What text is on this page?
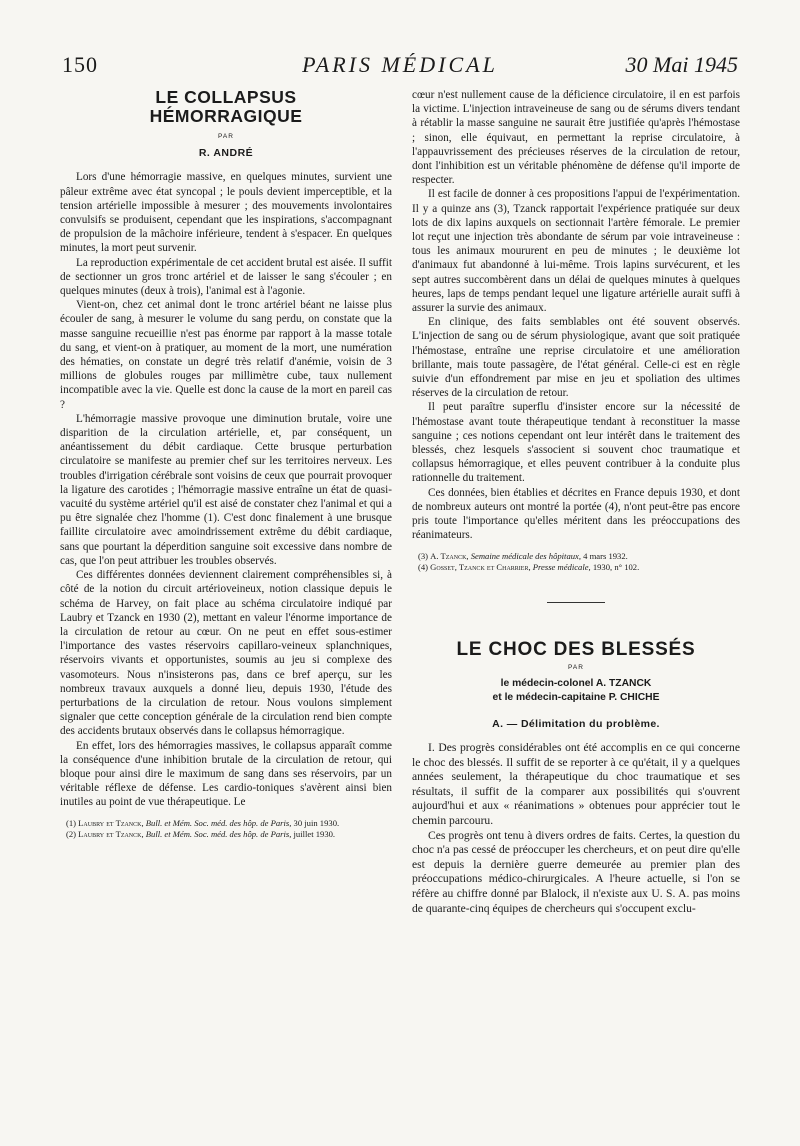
150	PARIS MÉDICAL	30 Mai 1945
LE COLLAPSUS
HÉMORRAGIQUE
PAR
R. ANDRÉ

Lors d'une hémorragie massive, en quelques minutes, survient une pâleur extrême avec état syncopal ; le pouls devient imperceptible, et la tension artérielle impossible à mesurer ; des mouvements involontaires convulsifs se produisent, cependant que les inspirations, s'accompagnant de propulsion de la mâchoire inférieure, tendent à s'espacer. En quelques minutes, la mort peut survenir.

La reproduction expérimentale de cet accident brutal est aisée. Il suffit de sectionner un gros tronc artériel et de laisser le sang s'écouler ; en quelques minutes (deux à trois), l'animal est à l'agonie.

Vient-on, chez cet animal dont le tronc artériel béant ne laisse plus écouler de sang, à mesurer le volume du sang perdu, on constate que la masse sanguine recueillie n'est pas énorme par rapport à la masse totale du sang, et vient-on à pratiquer, au moment de la mort, une numération des hématies, on constate un degré très relatif d'anémie, voisin de 3 millions de globules rouges par millimètre cube, taux nullement incompatible avec la vie. Quelle est donc la cause de la mort en pareil cas ?

L'hémorragie massive provoque une diminution brutale, voire une disparition de la circulation artérielle, et, par conséquent, un anéantissement du débit cardiaque. Cette brusque perturbation circulatoire se manifeste au premier chef sur les territoires nerveux. Les troubles d'irrigation cérébrale sont voisins de ceux que pourrait provoquer la ligature des carotides ; l'hémorragie massive entraîne un état de quasi-vacuité du système artériel qu'il est aisé de constater chez l'animal et qui a pu être signalée chez l'homme (1). C'est donc finalement à une brusque faillite circulatoire avec amoindrissement extrême du débit cardiaque, sans que pourtant la déperdition sanguine soit excessive dans nombre de cas, que l'on peut attribuer les troubles observés.

Ces différentes données deviennent clairement compréhensibles si, à côté de la notion du circuit artérioveineux, notion classique depuis le schéma de Harvey, on fait place au schéma circulatoire indiqué par Laubry et Tzanck en 1930 (2), mettant en valeur l'énorme importance de la circulation de retour au cœur. On ne peut en effet sous-estimer l'importance des vastes réservoirs capillaro-veineux splanchniques, réservoirs vivants et opportunistes, soumis au jeu si complexe des vasomoteurs. Nous n'insisterons pas, dans ce bref aperçu, sur les nombreux travaux auxquels a donné lieu, depuis 1930, l'étude des perturbations de la circulation de retour. Nous voulons simplement signaler que cette conception générale de la circulation rend bien compte des accidents brutaux observés dans le collapsus hémorragique.

En effet, lors des hémorragies massives, le collapsus apparaît comme la conséquence d'une inhibition brutale de la circulation de retour, qui bloque pour ainsi dire le maximum de sang dans ses réservoirs, par un véritable réflexe de défense. Les cardio-toniques s'avèrent ainsi bien inutiles au point de vue thérapeutique. Le

(1) Laubry et Tzanck, Bull. et Mém. Soc. méd. des hôp. de Paris, 30 juin 1930.
(2) Laubry et Tzanck, Bull. et Mém. Soc. méd. des hôp. de Paris, juillet 1930.

cœur n'est nullement cause de la déficience circulatoire, il en est parfois la victime. L'injection intraveineuse de sang ou de sérums divers tendant à rétablir la masse sanguine ne saurait être justifiée qu'après l'hémostase ; sinon, elle équivaut, en permettant la reprise circulatoire, à l'appauvrissement des précieuses réserves de la circulation de retour, dont l'inhibition est un véritable phénomène de défense qu'il importe de respecter.

Il est facile de donner à ces propositions l'appui de l'expérimentation. Il y a quinze ans (3), Tzanck rapportait l'expérience pratiquée sur deux lots de dix lapins auxquels on sectionnait l'artère fémorale. Le premier lot reçut une injection très abondante de sérum par voie intraveineuse : tous les animaux moururent en peu de minutes ; le deuxième lot d'animaux fut abandonné à lui-même. Trois lapins survécurent, et les sept autres succombèrent dans un délai de quelques minutes à quelques heures, laps de temps pendant lequel une ligature artérielle aurait suffi à assurer la survie des animaux.

En clinique, des faits semblables ont été souvent observés. L'injection de sang ou de sérum physiologique, avant que soit pratiquée l'hémostase, entraîne une reprise circulatoire et une amélioration brillante, mais toute passagère, de l'état général. Celle-ci est en règle suivie d'un effondrement par mise en jeu et spoliation des ultimes réserves de la circulation de retour.

Il peut paraître superflu d'insister encore sur la nécessité de l'hémostase avant toute thérapeutique tendant à reconstituer la masse sanguine ; ces notions cependant ont leur intérêt dans le traitement des blessés, chez lesquels s'associent si souvent choc traumatique et collapsus hémorragique, et elles peuvent contribuer à la conduite plus rationnelle du traitement.

Ces données, bien établies et décrites en France depuis 1930, et dont de nombreux auteurs ont montré la portée (4), n'ont peut-être pas encore pris toute l'importance qu'elles méritent dans les préoccupations des réanimateurs.

(3) A. Tzanck, Semaine médicale des hôpitaux, 4 mars 1932.
(4) Gosset, Tzanck et Charrier, Presse médicale, 1930, n° 102.
LE CHOC DES BLESSÉS
PAR
le médecin-colonel A. TZANCK
et le médecin-capitaine P. CHICHE
A. — Délimitation du problème.

I. Des progrès considérables ont été accomplis en ce qui concerne le choc des blessés. Il suffit de se reporter à ce qu'était, il y a quelques années seulement, la thérapeutique du choc traumatique et ses résultats, il suffit de la comparer aux possibilités qui s'ouvrent aujourd'hui et aux « réanimations » obtenues pour apprécier tout le chemin parcouru.

Ces progrès ont tenu à divers ordres de faits. Certes, la question du choc n'a pas cessé de préoccuper les chercheurs, et on peut dire qu'elle est depuis la dernière guerre demeurée au premier plan des préoccupations médico-chirurgicales. A l'heure actuelle, si l'on se réfère au chiffre donné par Blalock, il n'existe aux U. S. A. pas moins de quarante-cinq équipes de chercheurs qui s'occupent exclu-
